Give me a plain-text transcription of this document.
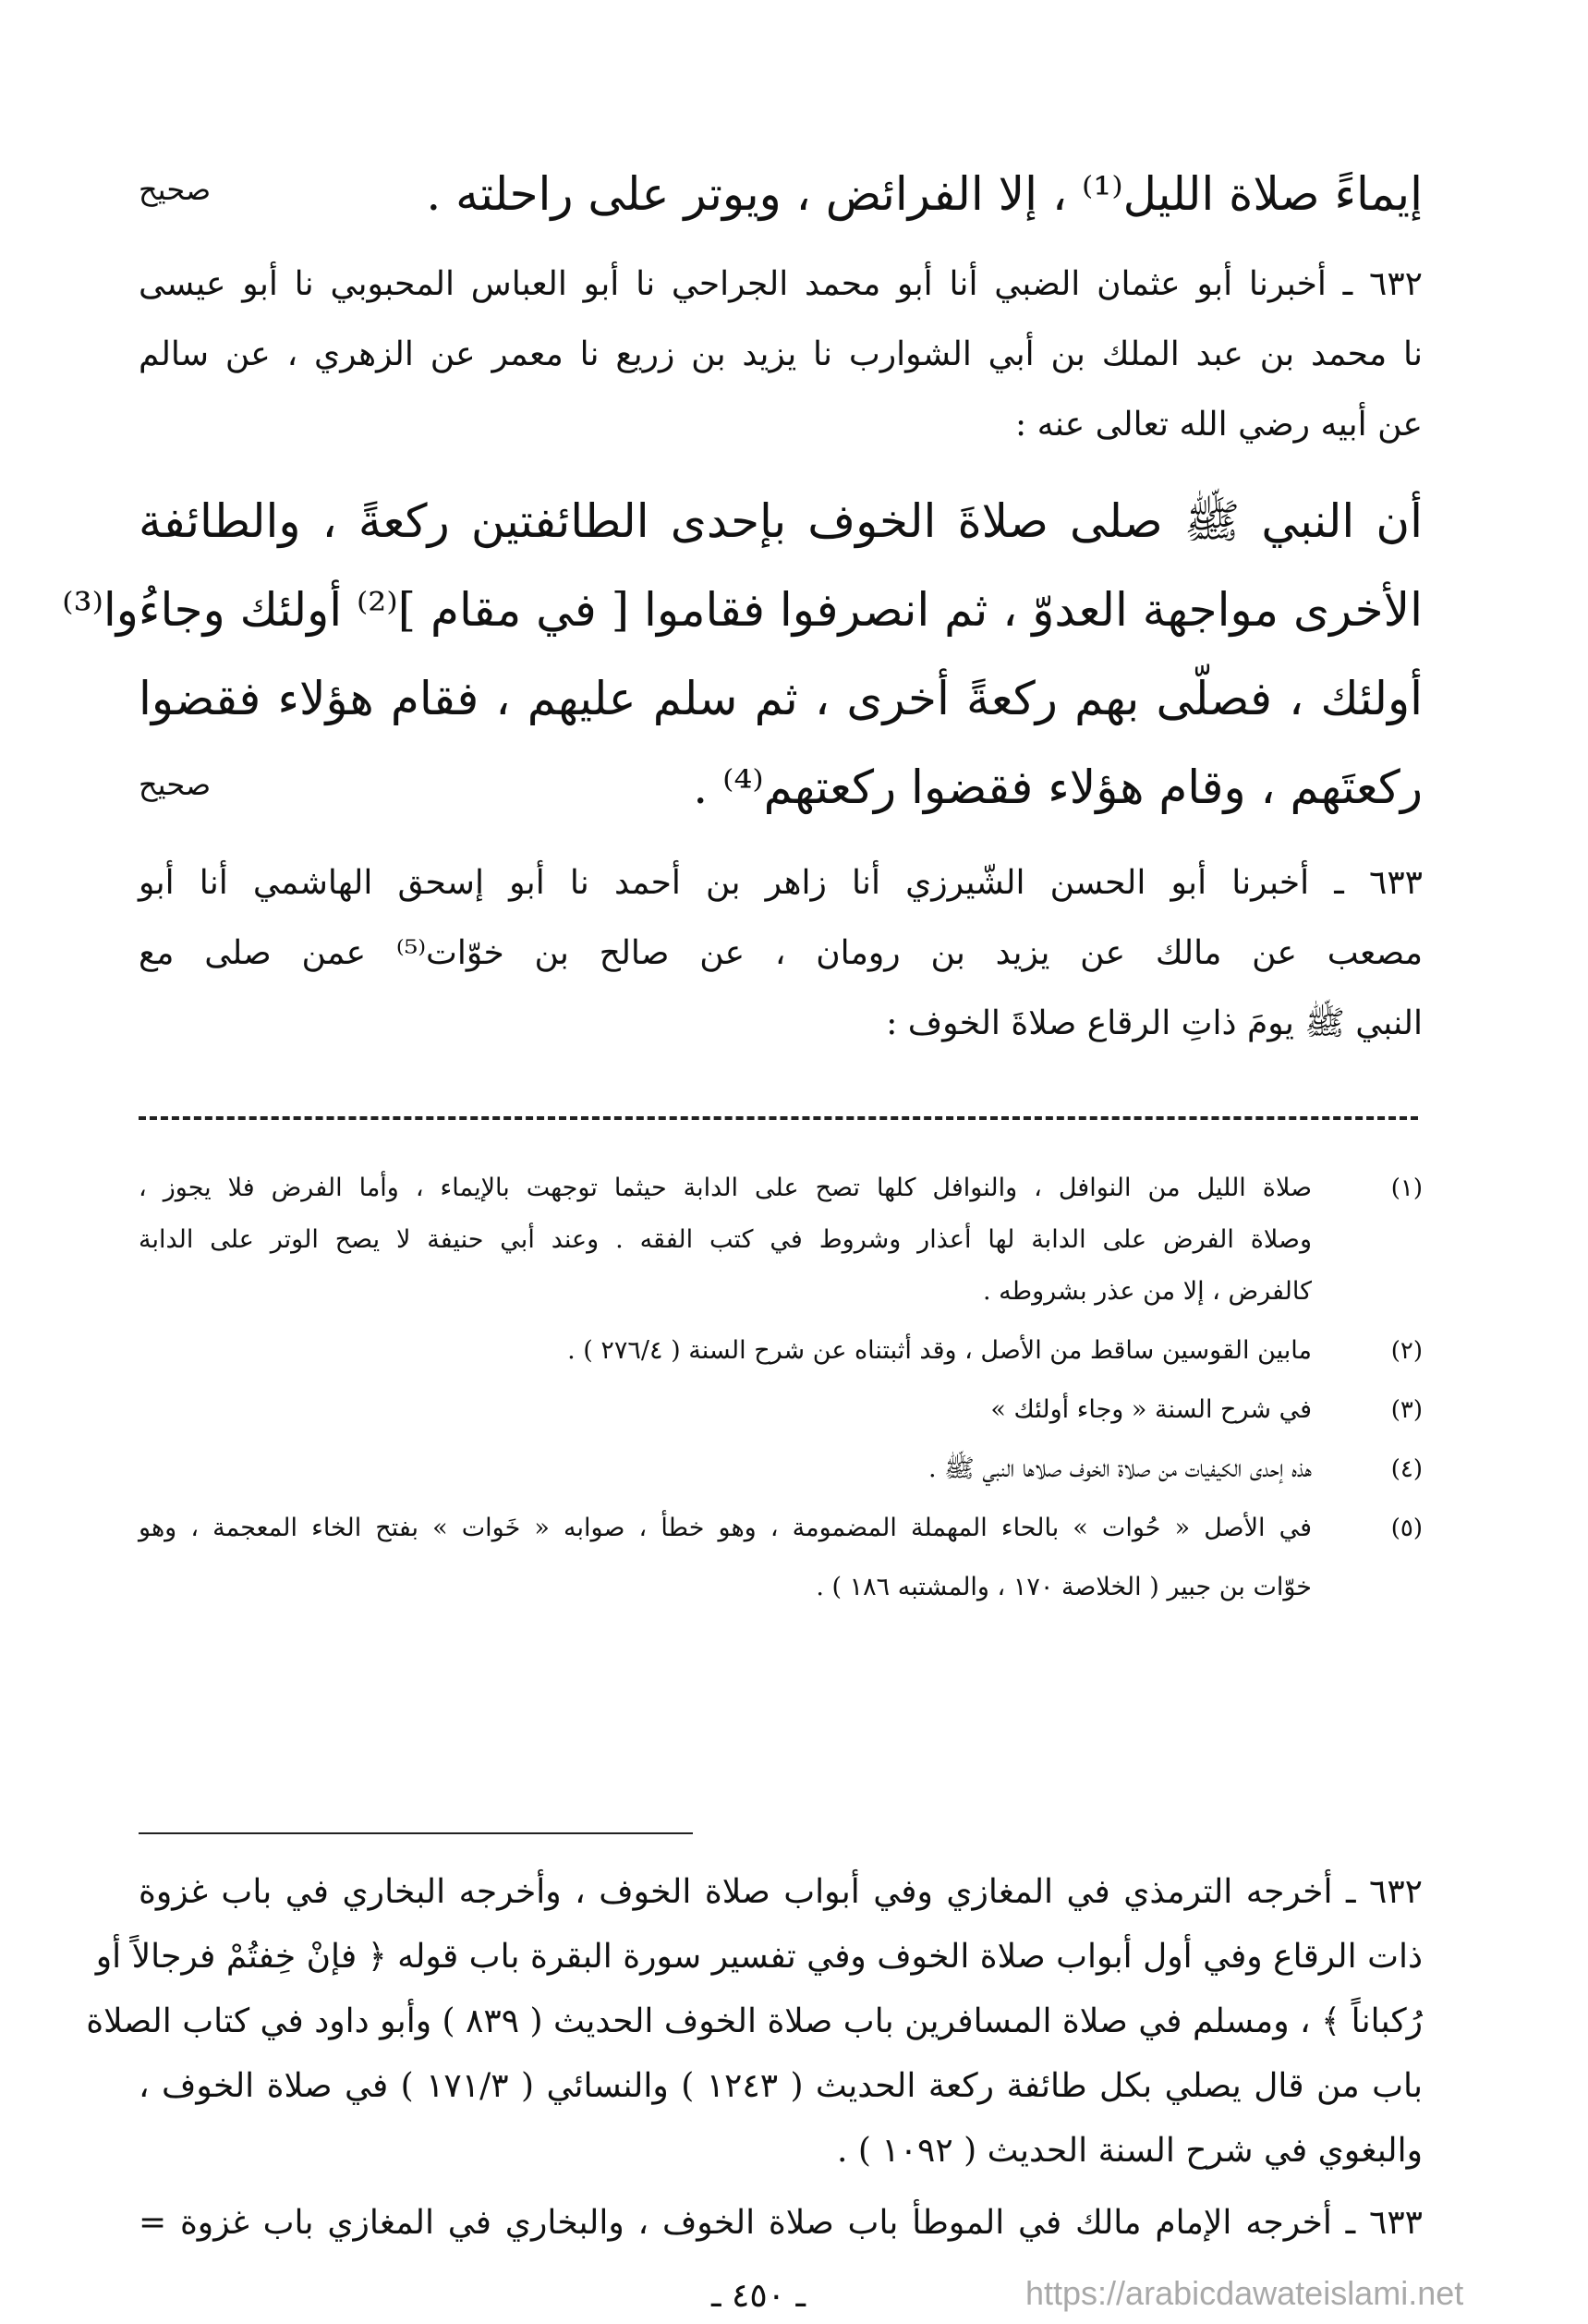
إيماءً صلاة الليل⁽¹⁾ ، إلا الفرائض ، ويوتر على راحلته .
صحيح
٦٣٢ ـ أخبرنا أبو عثمان الضبي أنا أبو محمد الجراحي نا أبو العباس المحبوبي نا أبو عيسى
نا محمد بن عبد الملك بن أبي الشوارب نا يزيد بن زريع نا معمر عن الزهري ، عن سالم
عن أبيه رضي الله تعالى عنه :
أن النبي ﷺ صلى صلاةَ الخوف بإحدى الطائفتين ركعةً ، والطائفة
الأخرى مواجهة العدوّ ، ثم انصرفوا فقاموا [ في مقام ]⁽²⁾ أولئك وجاءُوا⁽³⁾
أولئك ، فصلّى بهم ركعةً أخرى ، ثم سلم عليهم ، فقام هؤلاء فقضوا
ركعتَهم ، وقام هؤلاء فقضوا ركعتهم⁽⁴⁾ .
صحيح
٦٣٣ ـ أخبرنا أبو الحسن الشّيرزي أنا زاهر بن أحمد نا أبو إسحق الهاشمي أنا أبو
مصعب عن مالك عن يزيد بن رومان ، عن صالح بن خوّات⁽⁵⁾ عمن صلى مع
النبي ﷺ يومَ ذاتِ الرقاع صلاةَ الخوف :
(١)
صلاة الليل من النوافل ، والنوافل كلها تصح على الدابة حيثما توجهت بالإيماء ، وأما الفرض فلا يجوز ،
وصلاة الفرض على الدابة لها أعذار وشروط في كتب الفقه . وعند أبي حنيفة لا يصح الوتر على الدابة
كالفرض ، إلا من عذر بشروطه .
(٢)
مابين القوسين ساقط من الأصل ، وقد أثبتناه عن شرح السنة ( ٢٧٦/٤ ) .
(٣)
في شرح السنة « وجاء أولئك »
(٤)
هذه إحدى الكيفيات من صلاة الخوف صلاها النبي ﷺ .
(٥)
في الأصل « حُوات » بالحاء المهملة المضمومة ، وهو خطأ ، صوابه « خَوات » بفتح الخاء المعجمة ، وهو
خوّات بن جبير ( الخلاصة ١٧٠ ، والمشتبه ١٨٦ ) .
٦٣٢ ـ أخرجه الترمذي في المغازي وفي أبواب صلاة الخوف ، وأخرجه البخاري في باب غزوة
ذات الرقاع وفي أول أبواب صلاة الخوف وفي تفسير سورة البقرة باب قوله ﴿ فإنْ خِفتُمْ فرجالاً أو
رُكباناً ﴾ ، ومسلم في صلاة المسافرين باب صلاة الخوف الحديث ( ٨٣٩ ) وأبو داود في كتاب الصلاة
باب من قال يصلي بكل طائفة ركعة الحديث ( ١٢٤٣ ) والنسائي ( ١٧١/٣ ) في صلاة الخوف ،
والبغوي في شرح السنة الحديث ( ١٠٩٢ ) .
٦٣٣ ـ أخرجه الإمام مالك في الموطأ باب صلاة الخوف ، والبخاري في المغازي باب غزوة =
ـ ٤٥٠ ـ	https://arabicdawateislami.net
